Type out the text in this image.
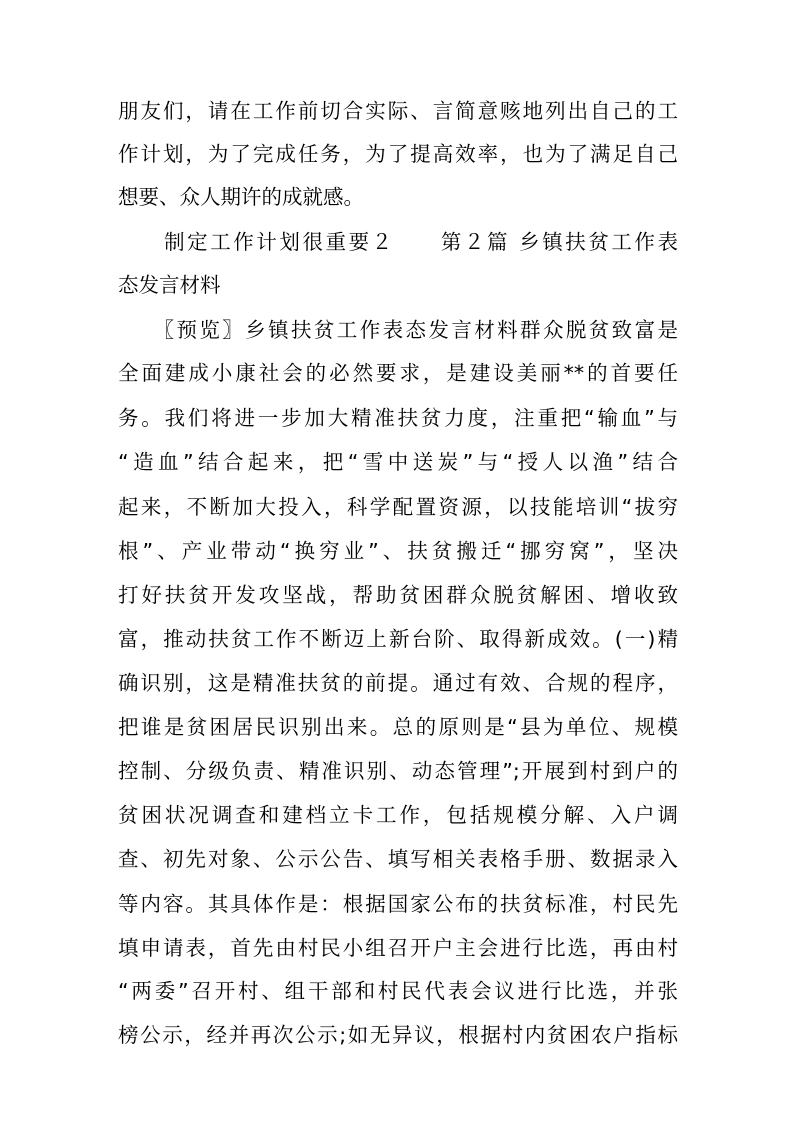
朋友们，请在工作前切合实际、言简意赅地列出自己的工
作计划，为了完成任务，为了提高效率，也为了满足自己
想要、众人期许的成就感。
　　制定工作计划很重要２　　第２篇 乡镇扶贫工作表
态发言材料
　　〖预览〗乡镇扶贫工作表态发言材料群众脱贫致富是
全面建成小康社会的必然要求，是建设美丽**的首要任
务。我们将进一步加大精准扶贫力度，注重把“输血”与
“造血”结合起来，把“雪中送炭”与“授人以渔”结合
起来，不断加大投入，科学配置资源，以技能培训“拔穷
根”、产业带动“换穷业”、扶贫搬迁“挪穷窝”，坚决
打好扶贫开发攻坚战，帮助贫困群众脱贫解困、增收致
富，推动扶贫工作不断迈上新台阶、取得新成效。(一)精
确识别，这是精准扶贫的前提。通过有效、合规的程序，
把谁是贫困居民识别出来。总的原则是“县为单位、规模
控制、分级负责、精准识别、动态管理”;开展到村到户的
贫困状况调查和建档立卡工作，包括规模分解、入户调
查、初先对象、公示公告、填写相关表格手册、数据录入
等内容。其具体作是：根据国家公布的扶贫标准，村民先
填申请表，首先由村民小组召开户主会进行比选，再由村
“两委”召开村、组干部和村民代表会议进行比选，并张
榜公示，经并再次公示;如无异议，根据村内贫困农户指标
